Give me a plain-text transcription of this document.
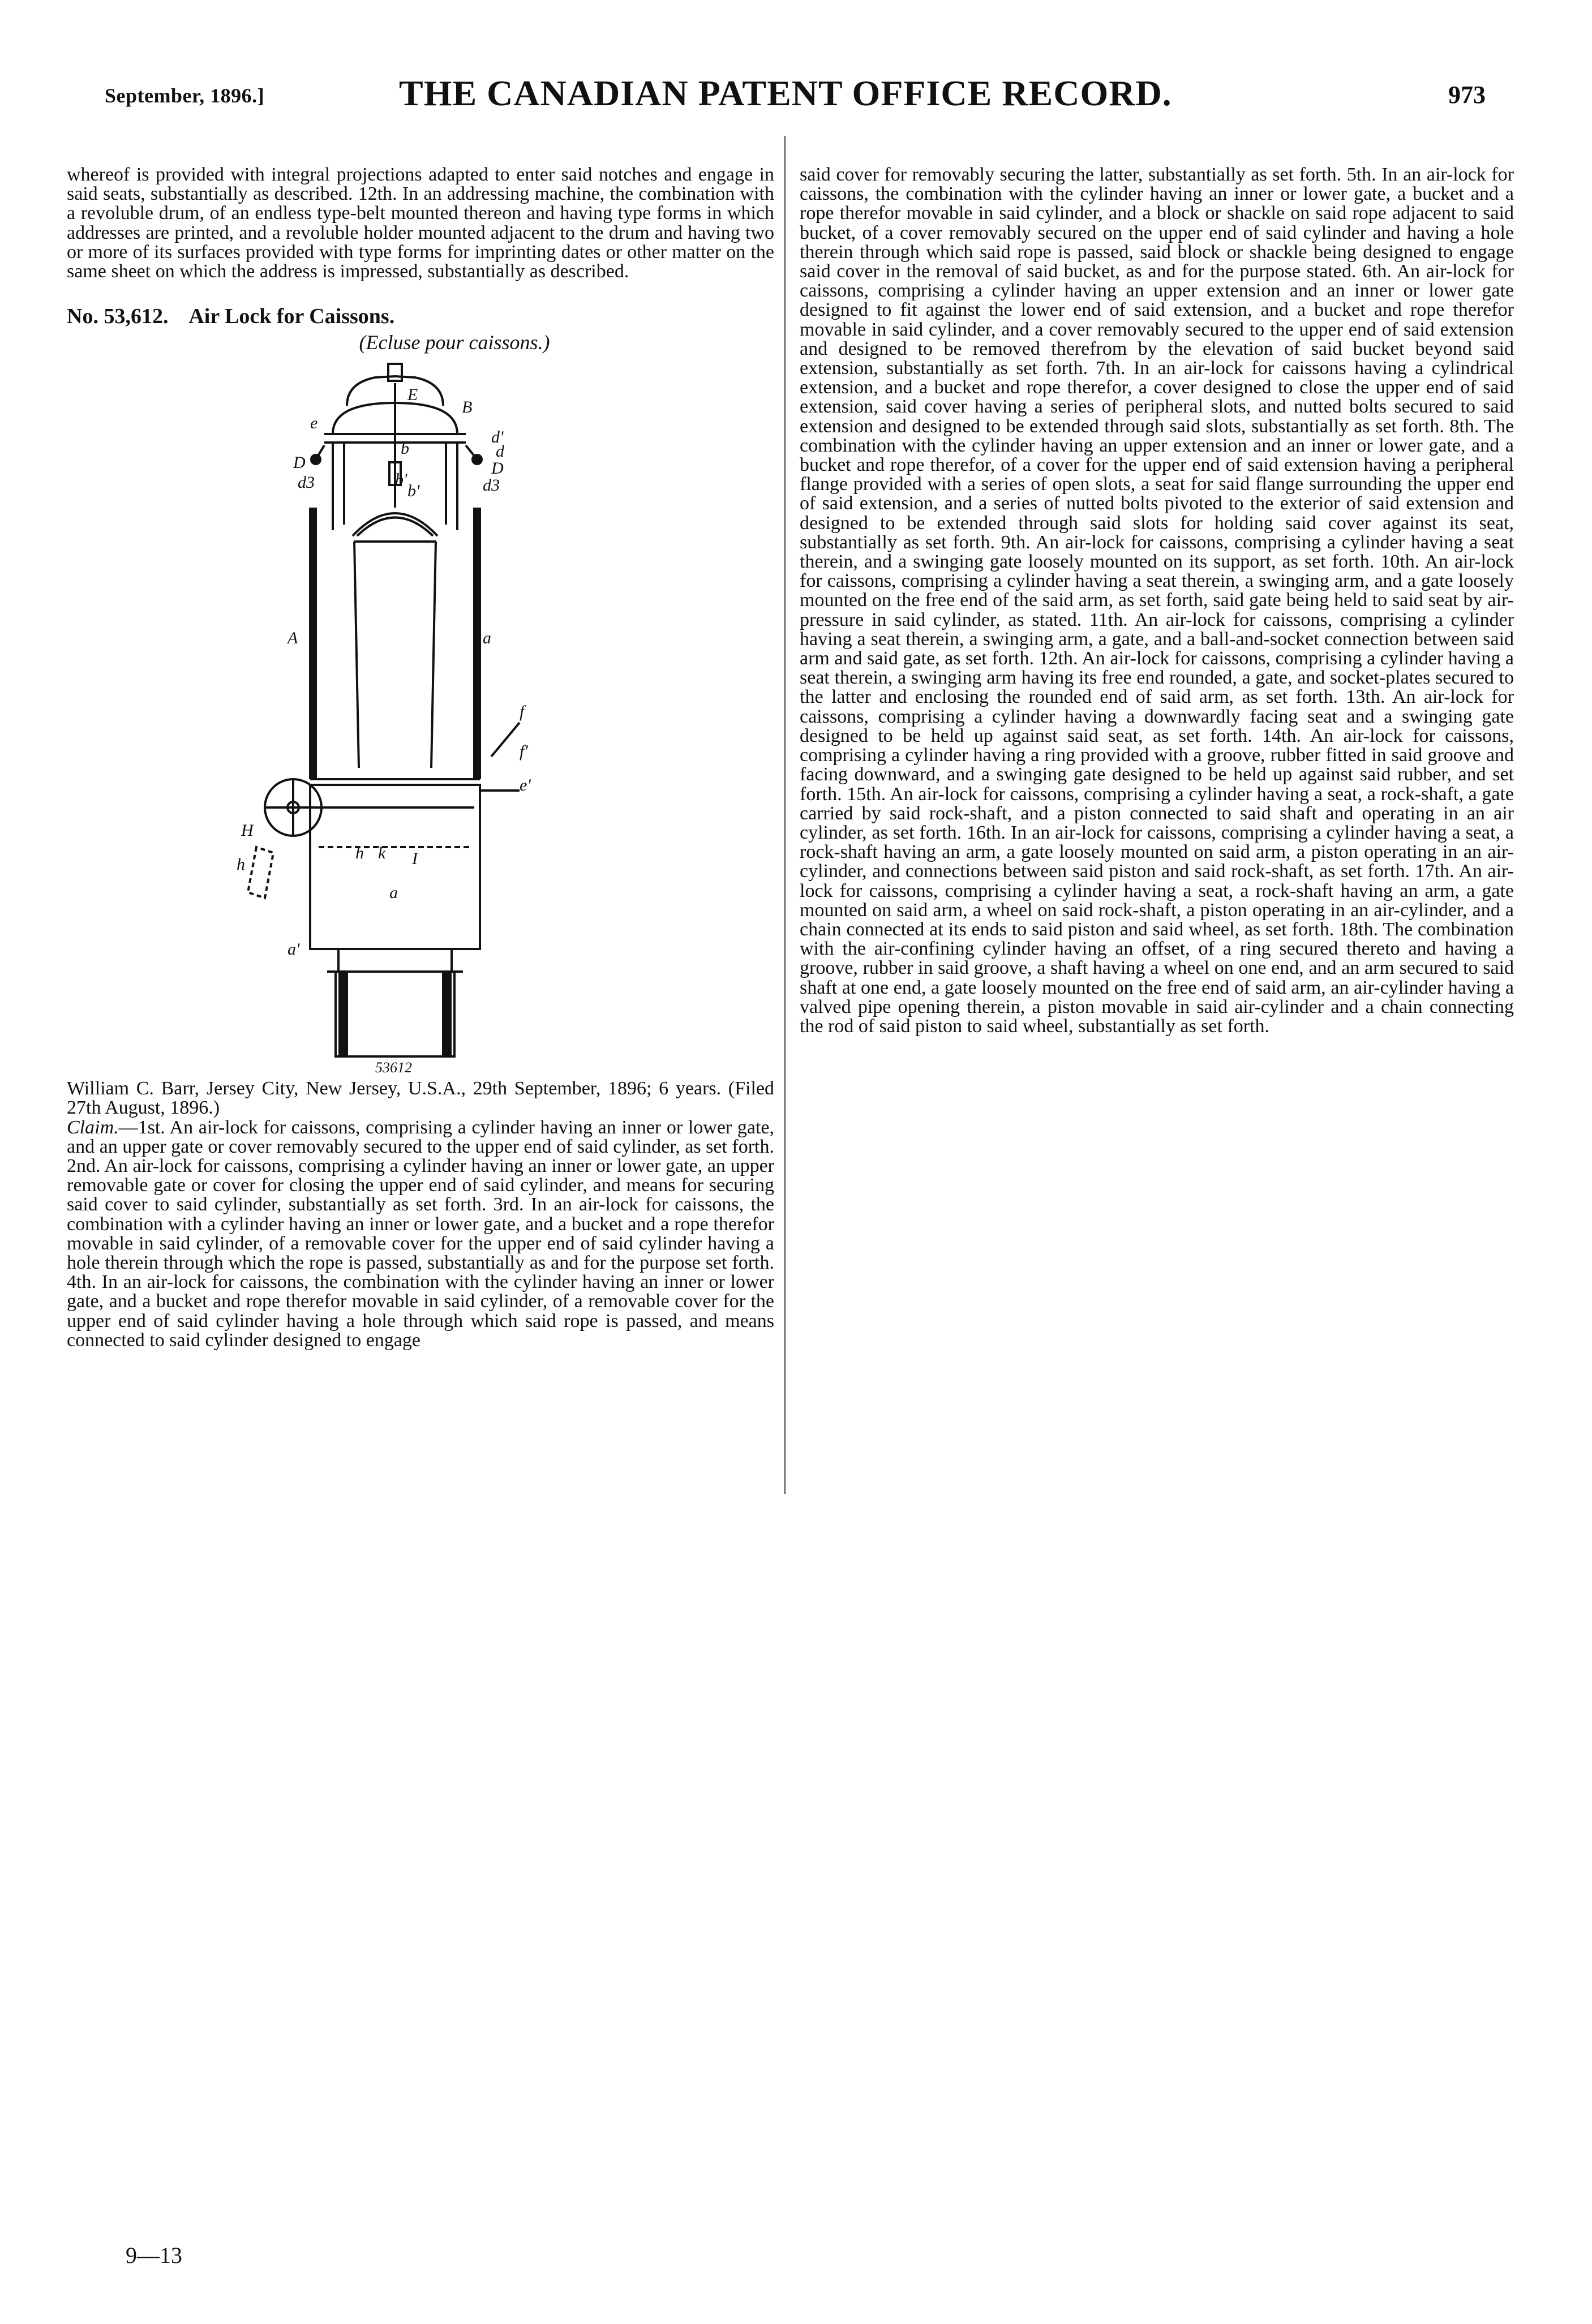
September, 1896.]	THE CANADIAN PATENT OFFICE RECORD.	973

whereof is provided with integral projections adapted to enter said notches and engage in said seats, substantially as described. 12th. In an addressing machine, the combination with a revoluble drum, of an endless type-belt mounted thereon and having type forms in which addresses are printed, and a revoluble holder mounted adjacent to the drum and having two or more of its surfaces provided with type forms for imprinting dates or other matter on the same sheet on which the address is impressed, substantially as described.

No. 53,612. Air Lock for Caissons.

(Ecluse pour caissons.)

E
B
e
b
b'
b'
d'
d
D	D
d3	d3
A	a
f
f'
e'
H
h k I
a
a'
h
53612

William C. Barr, Jersey City, New Jersey, U.S.A., 29th September, 1896; 6 years. (Filed 27th August, 1896.)

Claim.—1st. An air-lock for caissons, comprising a cylinder having an inner or lower gate, and an upper gate or cover removably secured to the upper end of said cylinder, as set forth. 2nd. An air-lock for caissons, comprising a cylinder having an inner or lower gate, an upper removable gate or cover for closing the upper end of said cylinder, and means for securing said cover to said cylinder, substantially as set forth. 3rd. In an air-lock for caissons, the combination with a cylinder having an inner or lower gate, and a bucket and a rope therefor movable in said cylinder, of a removable cover for the upper end of said cylinder having a hole therein through which the rope is passed, substantially as and for the purpose set forth. 4th. In an air-lock for caissons, the combination with the cylinder having an inner or lower gate, and a bucket and rope therefor movable in said cylinder, of a removable cover for the upper end of said cylinder having a hole through which said rope is passed, and means connected to said cylinder designed to engage

said cover for removably securing the latter, substantially as set forth. 5th. In an air-lock for caissons, the combination with the cylinder having an inner or lower gate, a bucket and a rope therefor movable in said cylinder, and a block or shackle on said rope adjacent to said bucket, of a cover removably secured on the upper end of said cylinder and having a hole therein through which said rope is passed, said block or shackle being designed to engage said cover in the removal of said bucket, as and for the purpose stated. 6th. An air-lock for caissons, comprising a cylinder having an upper extension and an inner or lower gate designed to fit against the lower end of said extension, and a bucket and rope therefor movable in said cylinder, and a cover removably secured to the upper end of said extension and designed to be removed therefrom by the elevation of said bucket beyond said extension, substantially as set forth. 7th. In an air-lock for caissons having a cylindrical extension, and a bucket and rope therefor, a cover designed to close the upper end of said extension, said cover having a series of peripheral slots, and nutted bolts secured to said extension and designed to be extended through said slots, substantially as set forth. 8th. The combination with the cylinder having an upper extension and an inner or lower gate, and a bucket and rope therefor, of a cover for the upper end of said extension having a peripheral flange provided with a series of open slots, a seat for said flange surrounding the upper end of said extension, and a series of nutted bolts pivoted to the exterior of said extension and designed to be extended through said slots for holding said cover against its seat, substantially as set forth. 9th. An air-lock for caissons, comprising a cylinder having a seat therein, and a swinging gate loosely mounted on its support, as set forth. 10th. An air-lock for caissons, comprising a cylinder having a seat therein, a swinging arm, and a gate loosely mounted on the free end of the said arm, as set forth, said gate being held to said seat by air-pressure in said cylinder, as stated. 11th. An air-lock for caissons, comprising a cylinder having a seat therein, a swinging arm, a gate, and a ball-and-socket connection between said arm and said gate, as set forth. 12th. An air-lock for caissons, comprising a cylinder having a seat therein, a swinging arm having its free end rounded, a gate, and socket-plates secured to the latter and enclosing the rounded end of said arm, as set forth. 13th. An air-lock for caissons, comprising a cylinder having a downwardly facing seat and a swinging gate designed to be held up against said seat, as set forth. 14th. An air-lock for caissons, comprising a cylinder having a ring provided with a groove, rubber fitted in said groove and facing downward, and a swinging gate designed to be held up against said rubber, and set forth. 15th. An air-lock for caissons, comprising a cylinder having a seat, a rock-shaft, a gate carried by said rock-shaft, and a piston connected to said shaft and operating in an air cylinder, as set forth. 16th. In an air-lock for caissons, comprising a cylinder having a seat, a rock-shaft having an arm, a gate loosely mounted on said arm, a piston operating in an air-cylinder, and connections between said piston and said rock-shaft, as set forth. 17th. An air-lock for caissons, comprising a cylinder having a seat, a rock-shaft having an arm, a gate mounted on said arm, a wheel on said rock-shaft, a piston operating in an air-cylinder, and a chain connected at its ends to said piston and said wheel, as set forth. 18th. The combination with the air-confining cylinder having an offset, of a ring secured thereto and having a groove, rubber in said groove, a shaft having a wheel on one end, and an arm secured to said shaft at one end, a gate loosely mounted on the free end of said arm, an air-cylinder having a valved pipe opening therein, a piston movable in said air-cylinder and a chain connecting the rod of said piston to said wheel, substantially as set forth.

9—13
